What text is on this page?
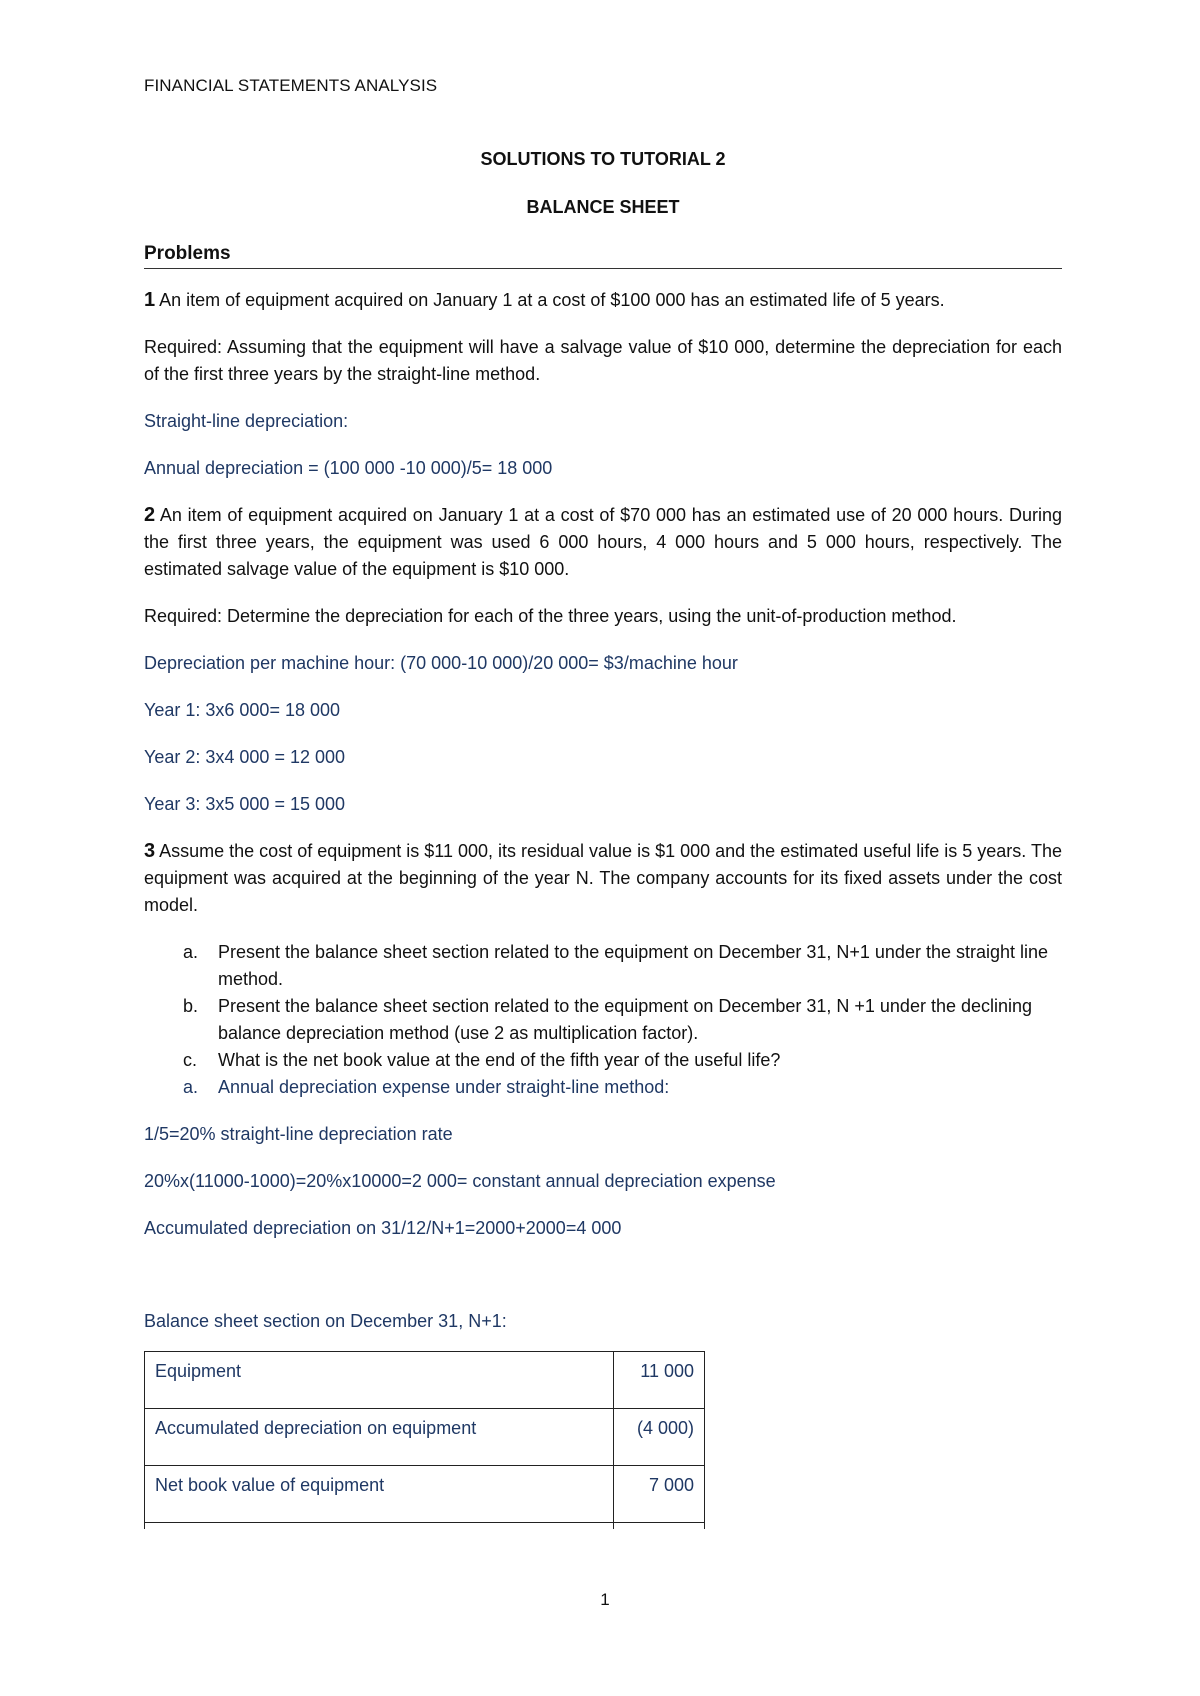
FINANCIAL STATEMENTS ANALYSIS
SOLUTIONS TO TUTORIAL 2
BALANCE SHEET
Problems

1 An item of equipment acquired on January 1 at a cost of $100 000 has an estimated life of 5 years.

Required: Assuming that the equipment will have a salvage value of $10 000, determine the depreciation for each of the first three years by the straight-line method.

Straight-line depreciation:

Annual depreciation = (100 000 -10 000)/5= 18 000

2 An item of equipment acquired on January 1 at a cost of $70 000 has an estimated use of 20 000 hours. During the first three years, the equipment was used 6 000 hours, 4 000 hours and 5 000 hours, respectively. The estimated salvage value of the equipment is $10 000.

Required: Determine the depreciation for each of the three years, using the unit-of-production method.

Depreciation per machine hour: (70 000-10 000)/20 000= $3/machine hour

Year 1: 3x6 000= 18 000

Year 2: 3x4 000 = 12 000

Year 3: 3x5 000 = 15 000

3 Assume the cost of equipment is $11 000, its residual value is $1 000 and the estimated useful life is 5 years. The equipment was acquired at the beginning of the year N. The company accounts for its fixed assets under the cost model.

a. Present the balance sheet section related to the equipment on December 31, N+1 under the straight line method.
b. Present the balance sheet section related to the equipment on December 31, N +1 under the declining balance depreciation method (use 2 as multiplication factor).
c. What is the net book value at the end of the fifth year of the useful life?
a. Annual depreciation expense under straight-line method:

1/5=20% straight-line depreciation rate

20%x(11000-1000)=20%x10000=2 000= constant annual depreciation expense

Accumulated depreciation on 31/12/N+1=2000+2000=4 000

Balance sheet section on December 31, N+1:

Equipment	11 000
Accumulated depreciation on equipment	(4 000)
Net book value of equipment	7 000

1
